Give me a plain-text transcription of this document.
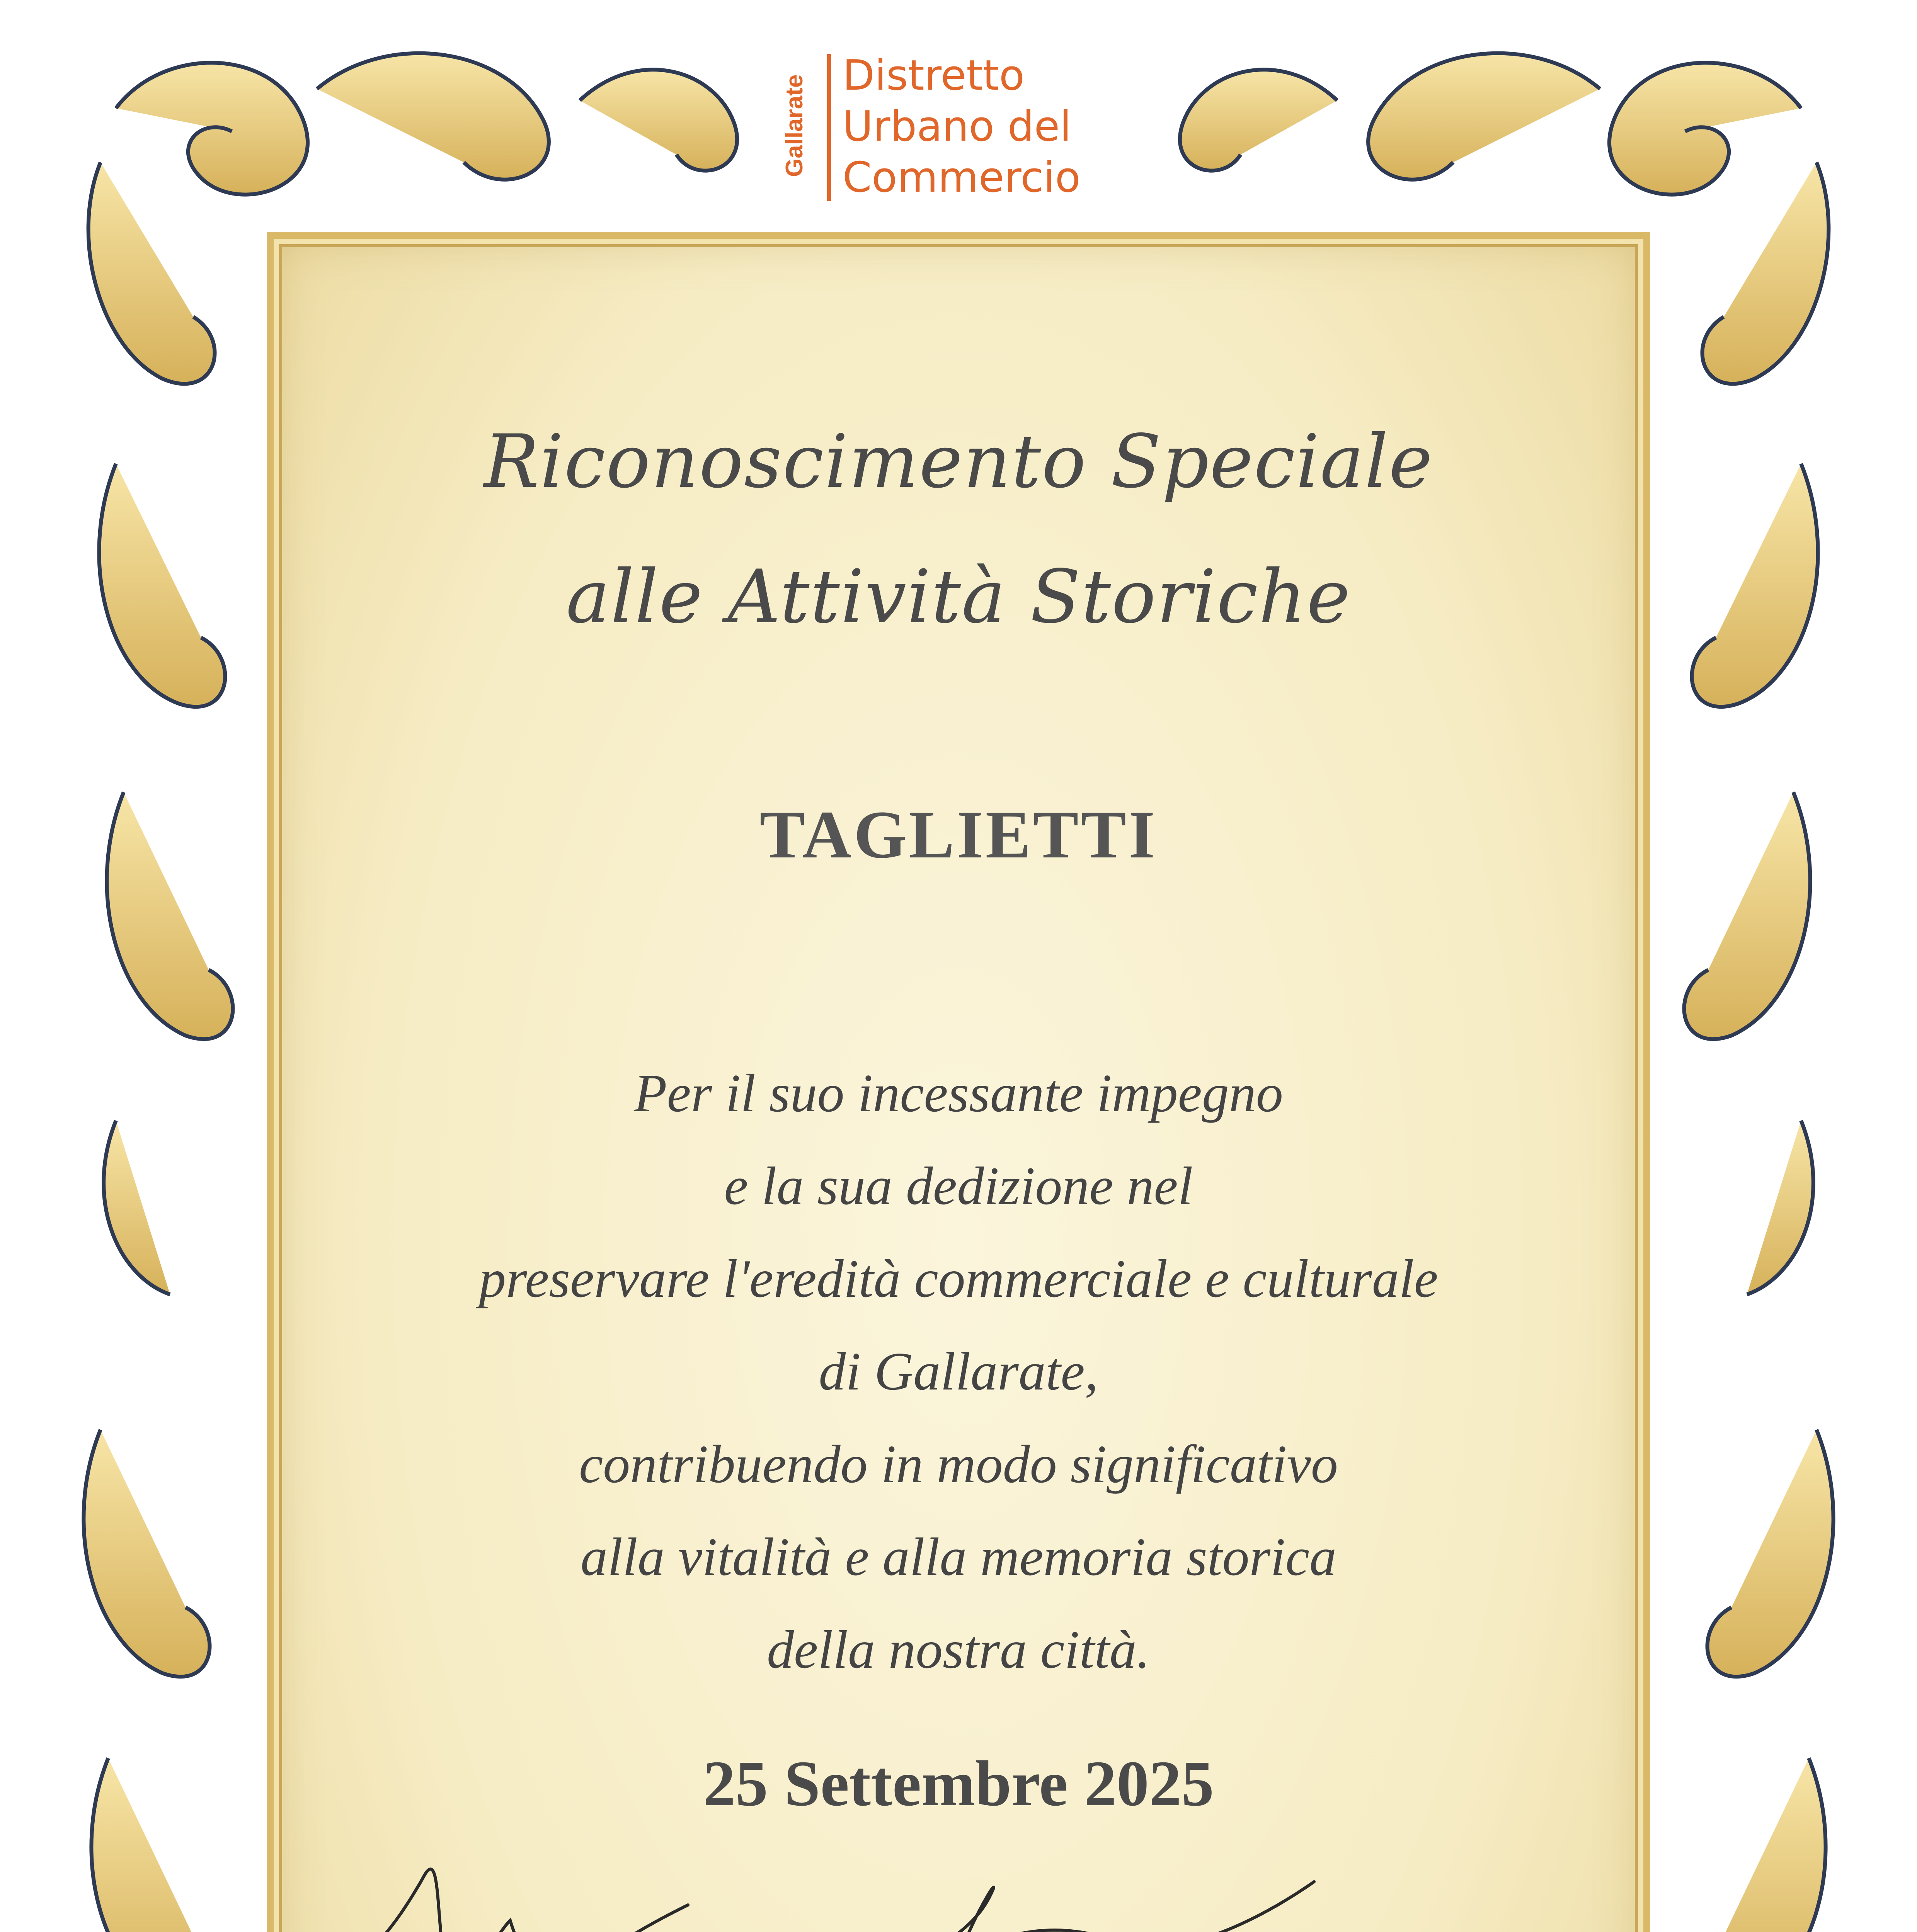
Gallarate Distretto
Urbano del
Commercio
Riconoscimento Speciale
alle Attività Storiche
TAGLIETTI
Per il suo incessante impegno
e la sua dedizione nel
preservare l'eredità commerciale e culturale
di Gallarate,
contribuendo in modo significativo
alla vitalità e alla memoria storica
della nostra città.
25 Settembre 2025
